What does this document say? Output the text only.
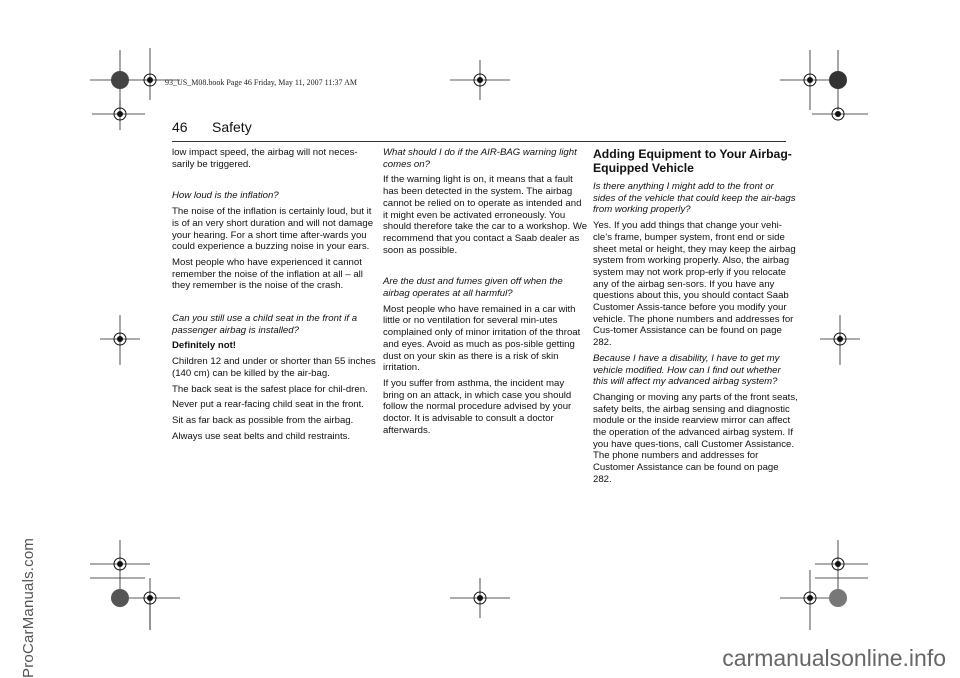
ProCarManuals.com	carmanualsonline.info
93_US_M08.book Page 46 Friday, May 11, 2007 11:37 AM
46 Safety

low impact speed, the airbag will not neces-sarily be triggered.

How loud is the inflation?

The noise of the inflation is certainly loud, but it is of an very short duration and will not damage your hearing. For a short time after-wards you could experience a buzzing noise in your ears.

Most people who have experienced it cannot remember the noise of the inflation at all – all they remember is the noise of the crash.

Can you still use a child seat in the front if a passenger airbag is installed?

Definitely not!

Children 12 and under or shorter than 55 inches (140 cm) can be killed by the air-bag.

The back seat is the safest place for chil-dren.

Never put a rear-facing child seat in the front.

Sit as far back as possible from the airbag.

Always use seat belts and child restraints.

What should I do if the AIR-BAG warning light comes on?

If the warning light is on, it means that a fault has been detected in the system. The airbag cannot be relied on to operate as intended and it might even be activated erroneously. You should therefore take the car to a workshop. We recommend that you contact a Saab dealer as soon as possible.

Are the dust and fumes given off when the airbag operates at all harmful?

Most people who have remained in a car with little or no ventilation for several min-utes complained only of minor irritation of the throat and eyes. Avoid as much as pos-sible getting dust on your skin as there is a risk of skin irritation.

If you suffer from asthma, the incident may bring on an attack, in which case you should follow the normal procedure advised by your doctor. It is advisable to consult a doctor afterwards.

Adding Equipment to Your Airbag-Equipped Vehicle

Is there anything I might add to the front or sides of the vehicle that could keep the air-bags from working properly?

Yes. If you add things that change your vehi-cle’s frame, bumper system, front end or side sheet metal or height, they may keep the airbag system from working properly. Also, the airbag system may not work prop-erly if you relocate any of the airbag sen-sors. If you have any questions about this, you should contact Saab Customer Assis-tance before you modify your vehicle. The phone numbers and addresses for Cus-tomer Assistance can be found on page 282.

Because I have a disability, I have to get my vehicle modified. How can I find out whether this will affect my advanced airbag system?

Changing or moving any parts of the front seats, safety belts, the airbag sensing and diagnostic module or the inside rearview mirror can affect the operation of the advanced airbag system. If you have ques-tions, call Customer Assistance. The phone numbers and addresses for Customer Assistance can be found on page 282.
